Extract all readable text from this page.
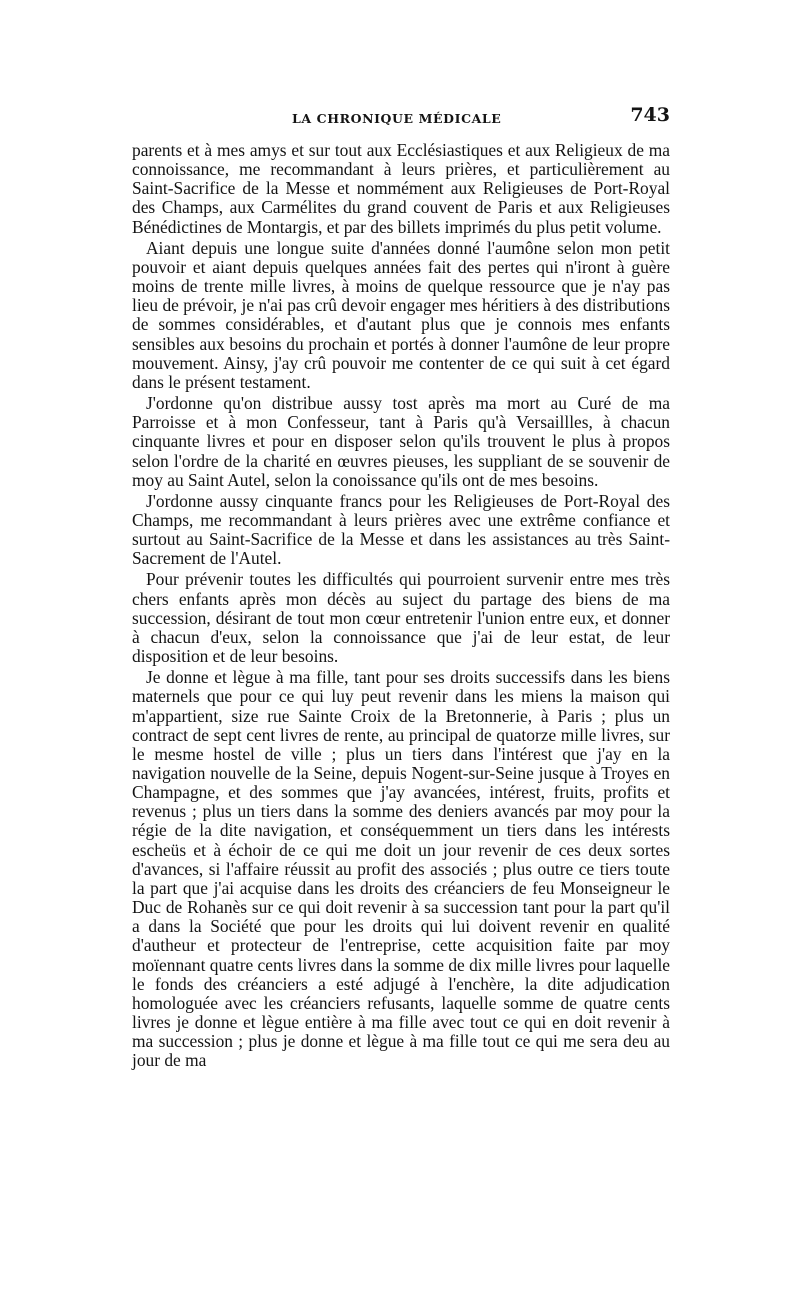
LA CHRONIQUE MÉDICALE	743

parents et à mes amys et sur tout aux Ecclésiastiques et aux Religieux de ma connoissance, me recommandant à leurs prières, et particulièrement au Saint-Sacrifice de la Messe et nommément aux Religieuses de Port-Royal des Champs, aux Carmélites du grand couvent de Paris et aux Religieuses Bénédictines de Montargis, et par des billets imprimés du plus petit volume.

Aiant depuis une longue suite d'années donné l'aumône selon mon petit pouvoir et aiant depuis quelques années fait des pertes qui n'iront à guère moins de trente mille livres, à moins de quelque ressource que je n'ay pas lieu de prévoir, je n'ai pas crû devoir engager mes héritiers à des distributions de sommes considérables, et d'autant plus que je connois mes enfants sensibles aux besoins du prochain et portés à donner l'aumône de leur propre mouvement. Ainsy, j'ay crû pouvoir me contenter de ce qui suit à cet égard dans le présent testament.

J'ordonne qu'on distribue aussy tost après ma mort au Curé de ma Parroisse et à mon Confesseur, tant à Paris qu'à Versaillles, à chacun cinquante livres et pour en disposer selon qu'ils trouvent le plus à propos selon l'ordre de la charité en œuvres pieuses, les suppliant de se souvenir de moy au Saint Autel, selon la conoissance qu'ils ont de mes besoins.

J'ordonne aussy cinquante francs pour les Religieuses de Port-Royal des Champs, me recommandant à leurs prières avec une extrême confiance et surtout au Saint-Sacrifice de la Messe et dans les assistances au très Saint-Sacrement de l'Autel.

Pour prévenir toutes les difficultés qui pourroient survenir entre mes très chers enfants après mon décès au suject du partage des biens de ma succession, désirant de tout mon cœur entretenir l'union entre eux, et donner à chacun d'eux, selon la connoissance que j'ai de leur estat, de leur disposition et de leur besoins.

Je donne et lègue à ma fille, tant pour ses droits successifs dans les biens maternels que pour ce qui luy peut revenir dans les miens la maison qui m'appartient, size rue Sainte Croix de la Bretonnerie, à Paris ; plus un contract de sept cent livres de rente, au principal de quatorze mille livres, sur le mesme hostel de ville ; plus un tiers dans l'intérest que j'ay en la navigation nouvelle de la Seine, depuis Nogent-sur-Seine jusque à Troyes en Champagne, et des sommes que j'ay avancées, intérest, fruits, profits et revenus ; plus un tiers dans la somme des deniers avancés par moy pour la régie de la dite navigation, et conséquemment un tiers dans les intérests escheüs et à échoir de ce qui me doit un jour revenir de ces deux sortes d'avances, si l'affaire réussit au profit des associés ; plus outre ce tiers toute la part que j'ai acquise dans les droits des créanciers de feu Monseigneur le Duc de Rohanès sur ce qui doit revenir à sa succession tant pour la part qu'il a dans la Société que pour les droits qui lui doivent revenir en qualité d'autheur et protecteur de l'entreprise, cette acquisition faite par moy moïennant quatre cents livres dans la somme de dix mille livres pour laquelle le fonds des créanciers a esté adjugé à l'enchère, la dite adjudication homologuée avec les créanciers refusants, laquelle somme de quatre cents livres je donne et lègue entière à ma fille avec tout ce qui en doit revenir à ma succession ; plus je donne et lègue à ma fille tout ce qui me sera deu au jour de ma
